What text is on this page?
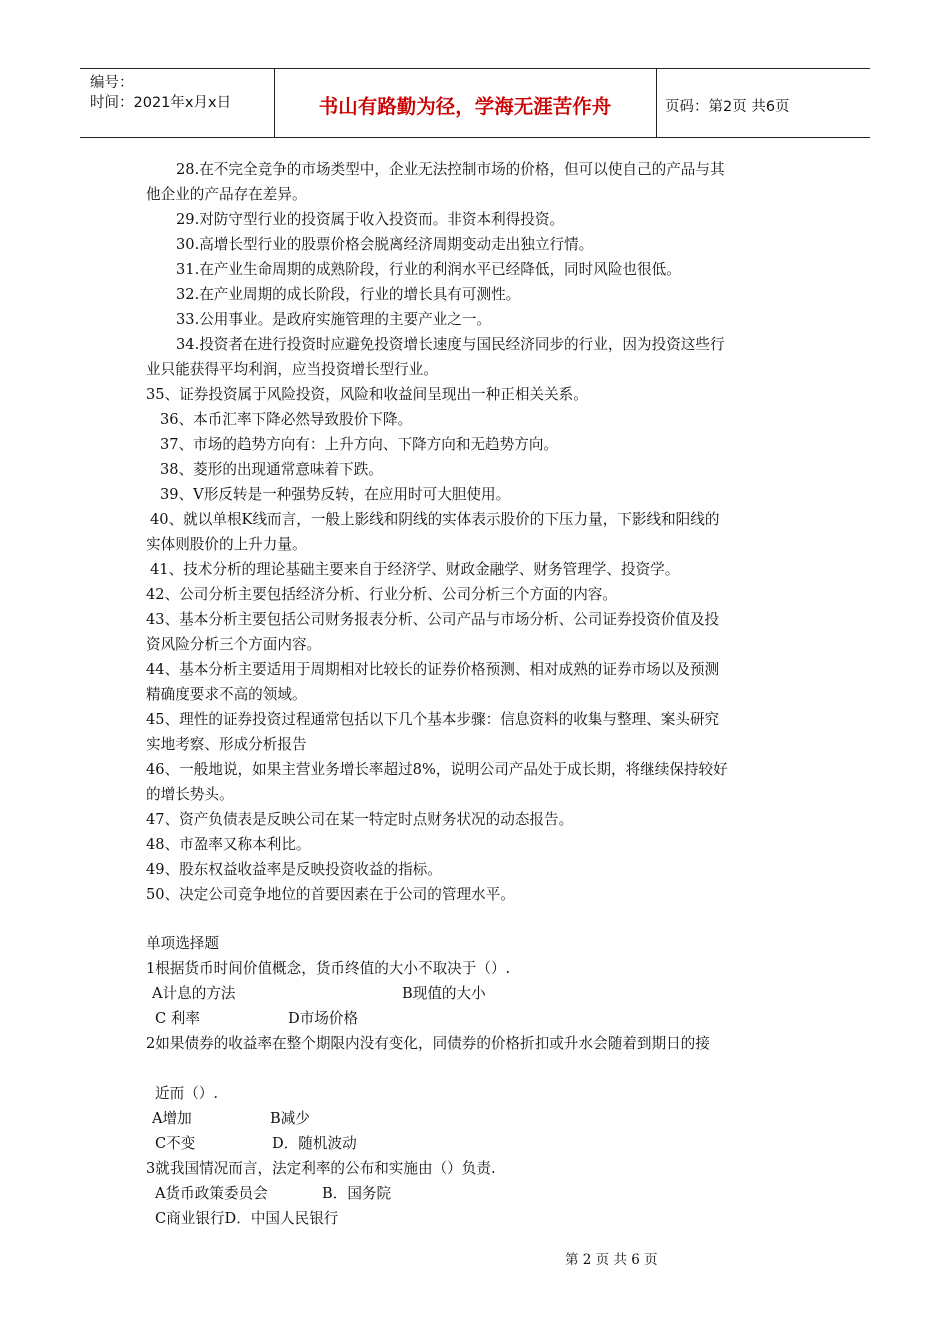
编号：
时间：2021年x月x日	书山有路勤为径，学海无涯苦作舟	页码：第2页 共6页
28.在不完全竞争的市场类型中，企业无法控制市场的价格，但可以使自己的产品与其
他企业的产品存在差异。
29.对防守型行业的投资属于收入投资而。非资本利得投资。
30.高增长型行业的股票价格会脱离经济周期变动走出独立行情。
31.在产业生命周期的成熟阶段，行业的利润水平已经降低，同时风险也很低。
32.在产业周期的成长阶段，行业的增长具有可测性。
33.公用事业。是政府实施管理的主要产业之一。
34.投资者在进行投资时应避免投资增长速度与国民经济同步的行业，因为投资这些行
业只能获得平均利润，应当投资增长型行业。
35、证券投资属于风险投资，风险和收益间呈现出一种正相关关系。
36、本币汇率下降必然导致股价下降。
37、市场的趋势方向有：上升方向、下降方向和无趋势方向。
38、菱形的出现通常意味着下跌。
39、V形反转是一种强势反转，在应用时可大胆使用。
40、就以单根K线而言，一般上影线和阴线的实体表示股价的下压力量，下影线和阳线的
实体则股价的上升力量。
41、技术分析的理论基础主要来自于经济学、财政金融学、财务管理学、投资学。
42、公司分析主要包括经济分析、行业分析、公司分析三个方面的内容。
43、基本分析主要包括公司财务报表分析、公司产品与市场分析、公司证券投资价值及投
资风险分析三个方面内容。
44、基本分析主要适用于周期相对比较长的证券价格预测、相对成熟的证券市场以及预测
精确度要求不高的领域。
45、理性的证券投资过程通常包括以下几个基本步骤：信息资料的收集与整理、案头研究
实地考察、形成分析报告
46、一般地说，如果主营业务增长率超过8%，说明公司产品处于成长期，将继续保持较好
的增长势头。
47、资产负债表是反映公司在某一特定时点财务状况的动态报告。
48、市盈率又称本利比。
49、股东权益收益率是反映投资收益的指标。
50、决定公司竞争地位的首要因素在于公司的管理水平。
单项选择题
1根据货币时间价值概念，货币终值的大小不取决于（）.
A计息的方法	B现值的大小
C 利率	D市场价格
2如果债券的收益率在整个期限内没有变化，同债券的价格折扣或升水会随着到期日的接
近而（）.
A增加	B减少
C不变	D．随机波动
3就我国情况而言，法定利率的公布和实施由（）负责.
A货币政策委员会	B．国务院
C商业银行D．中国人民银行
第 2 页 共 6 页
